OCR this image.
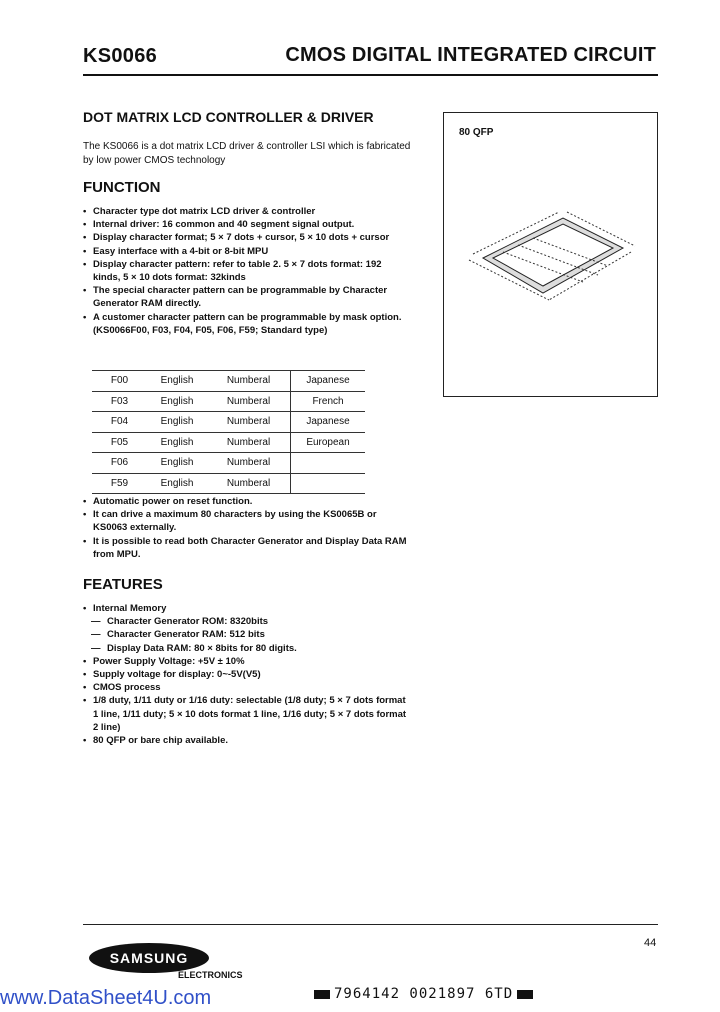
KS0066	CMOS DIGITAL INTEGRATED CIRCUIT
DOT MATRIX LCD CONTROLLER & DRIVER
The KS0066 is a dot matrix LCD driver & controller LSI which is fabricated by low power CMOS technology
FUNCTION
• Character type dot matrix LCD driver & controller
• Internal driver: 16 common and 40 segment signal output.
• Display character format; 5 × 7 dots + cursor, 5 × 10 dots + cursor
• Easy interface with a 4-bit or 8-bit MPU
• Display character pattern: refer to table 2. 5 × 7 dots format: 192 kinds, 5 × 10 dots format: 32kinds
• The special character pattern can be programmable by Character Generator RAM directly.
• A customer character pattern can be programmable by mask option. (KS0066F00, F03, F04, F05, F06, F59; Standard type)
F00	English	Numberal	Japanese
F03	English	Numberal	French
F04	English	Numberal	Japanese
F05	English	Numberal	European
F06	English	Numberal	
F59	English	Numberal	
• Automatic power on reset function.
• It can drive a maximum 80 characters by using the KS0065B or KS0063 externally.
• It is possible to read both Character Generator and Display Data RAM from MPU.
FEATURES
• Internal Memory
— Character Generator ROM: 8320bits
— Character Generator RAM: 512 bits
— Display Data RAM: 80 × 8bits for 80 digits.
• Power Supply Voltage: +5V ± 10%
• Supply voltage for display: 0~-5V(V5)
• CMOS process
• 1/8 duty, 1/11 duty or 1/16 duty: selectable (1/8 duty; 5 × 7 dots format 1 line, 1/11 duty; 5 × 10 dots format 1 line, 1/16 duty; 5 × 7 dots format 2 line)
• 80 QFP or bare chip available.
80 QFP
44
SAMSUNG
ELECTRONICS
www.DataSheet4U.com	7964142 0021897 6TD
